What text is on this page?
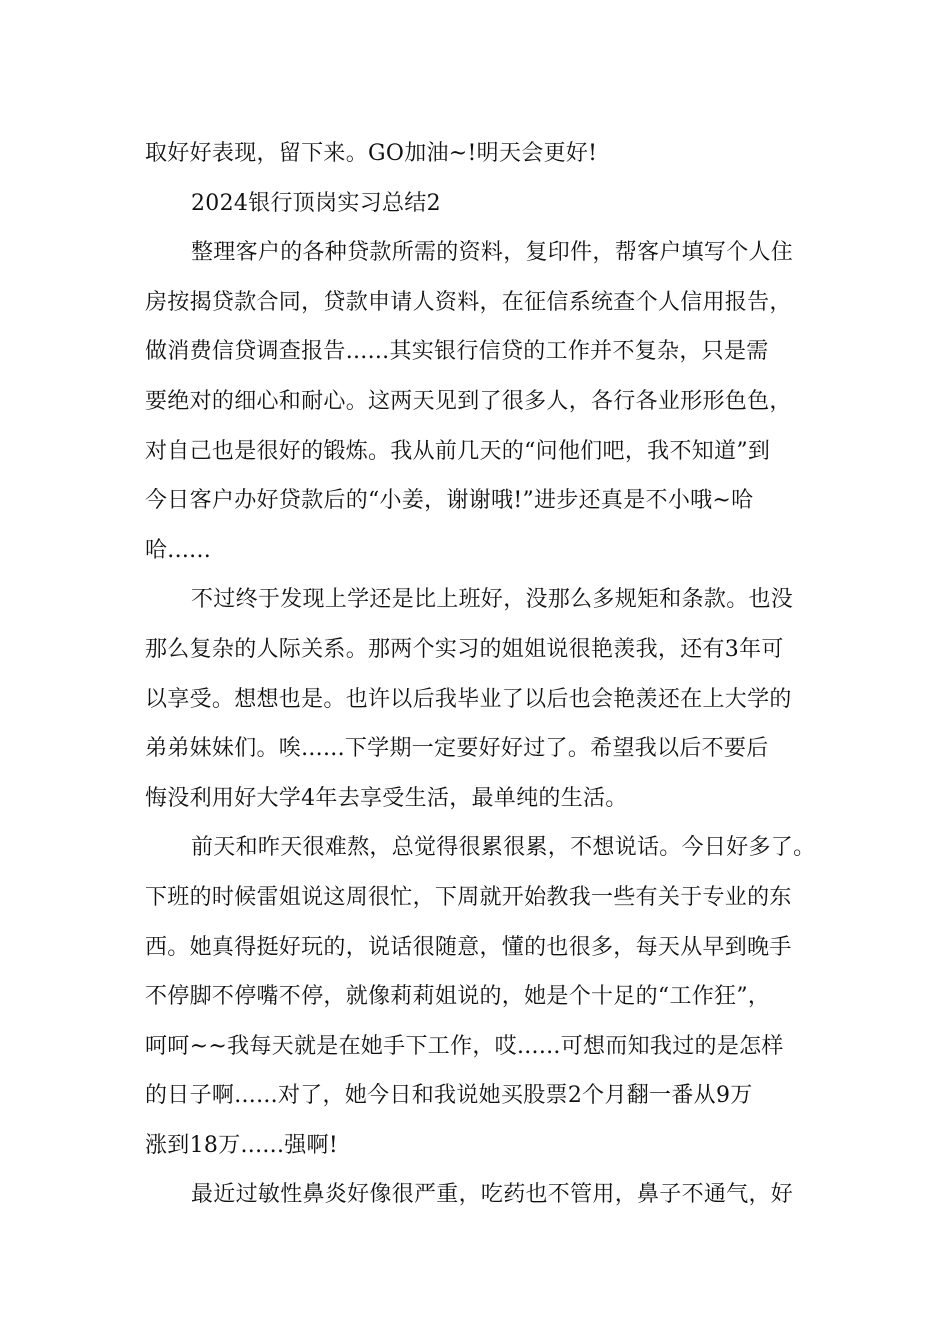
取好好表现，留下来。GO加油~!明天会更好!
2024银行顶岗实习总结2
整理客户的各种贷款所需的资料，复印件，帮客户填写个人住
房按揭贷款合同，贷款申请人资料，在征信系统查个人信用报告，
做消费信贷调查报告......其实银行信贷的工作并不复杂，只是需
要绝对的细心和耐心。这两天见到了很多人，各行各业形形色色，
对自己也是很好的锻炼。我从前几天的“问他们吧，我不知道”到
今日客户办好贷款后的“小姜，谢谢哦!”进步还真是不小哦~哈
哈......
不过终于发现上学还是比上班好，没那么多规矩和条款。也没
那么复杂的人际关系。那两个实习的姐姐说很艳羡我，还有3年可
以享受。想想也是。也许以后我毕业了以后也会艳羡还在上大学的
弟弟妹妹们。唉......下学期一定要好好过了。希望我以后不要后
悔没利用好大学4年去享受生活，最单纯的生活。
前天和昨天很难熬，总觉得很累很累，不想说话。今日好多了。
下班的时候雷姐说这周很忙，下周就开始教我一些有关于专业的东
西。她真得挺好玩的，说话很随意，懂的也很多，每天从早到晚手
不停脚不停嘴不停，就像莉莉姐说的，她是个十足的“工作狂”，
呵呵~~我每天就是在她手下工作，哎......可想而知我过的是怎样
的日子啊......对了，她今日和我说她买股票2个月翻一番从9万
涨到18万......强啊!
最近过敏性鼻炎好像很严重，吃药也不管用，鼻子不通气，好
